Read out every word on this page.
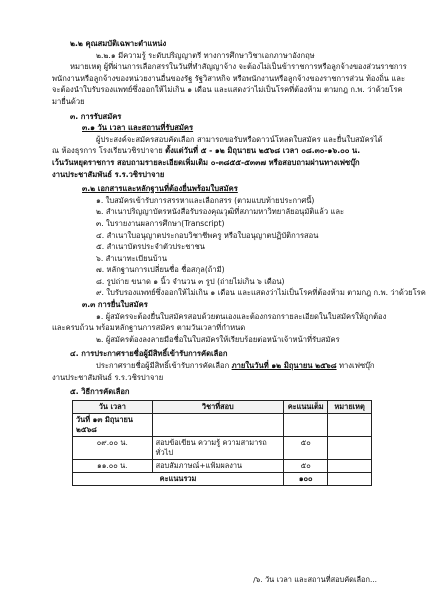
๒.๒ คุณสมบัติเฉพาะตำแหน่ง
๒.๒.๑ มีความรู้ ระดับปริญญาตรี ทางการศึกษาวิชาเอกภาษาอังกฤษ
หมายเหตุ ผู้ที่ผ่านการเลือกสรรในวันที่ทำสัญญาจ้าง จะต้องไม่เป็นข้าราชการหรือลูกจ้างของส่วนราชการ
พนักงานหรือลูกจ้างของหน่วยงานอื่นของรัฐ รัฐวิสาหกิจ หรือพนักงานหรือลูกจ้างของราชการส่วน ท้องถิ่น และ
จะต้องนำใบรับรองแพทย์ซึ่งออกให้ไม่เกิน ๑ เดือน และแสดงว่าไม่เป็นโรคที่ต้องห้าม ตามกฎ ก.พ. ว่าด้วยโรค
มายื่นด้วย
๓. การรับสมัคร
๓.๑ วัน เวลา และสถานที่รับสมัคร
ผู้ประสงค์จะสมัครสอบคัดเลือก สามารถขอรับหรือดาวน์โหลดใบสมัคร และยื่นใบสมัครได้
ณ ห้องธุรการ โรงเรียนวชิรปาจาย ตั้งแต่วันที่ ๕ - ๑๒ มิถุนายน ๒๕๖๘ เวลา ๐๘.๓๐-๑๖.๐๐ น.
เว้นวันหยุดราชการ สอบถามรายละเอียดเพิ่มเติม ๐-๓๘๕๕-๕๓๓๗ หรือสอบถามผ่านทางเฟซบุ๊ก
งานประชาสัมพันธ์ ร.ร.วชิรปาจาย
๓.๒ เอกสารและหลักฐานที่ต้องยื่นพร้อมใบสมัคร
๑. ใบสมัครเข้ารับการสรรหาและเลือกสรร (ตามแบบท้ายประกาศนี้)
๒. สำเนาปริญญาบัตรหนังสือรับรองคุณวุฒิที่สภามหาวิทยาลัยอนุมัติแล้ว และ
๓. ใบรายงานผลการศึกษา(Transcript)
๔. สำเนาใบอนุญาตประกอบวิชาชีพครู หรือใบอนุญาตปฏิบัติการสอน
๕. สำเนาบัตรประจำตัวประชาชน
๖. สำเนาทะเบียนบ้าน
๗. หลักฐานการเปลี่ยนชื่อ ชื่อสกุล(ถ้ามี)
๘. รูปถ่าย ขนาด ๑ นิ้ว จำนวน ๓ รูป (ถ่ายไม่เกิน ๖ เดือน)
๙. ใบรับรองแพทย์ซึ่งออกให้ไม่เกิน ๑ เดือน และแสดงว่าไม่เป็นโรคที่ต้องห้าม ตามกฎ ก.พ. ว่าด้วยโรค
๓.๓ การยื่นใบสมัคร
๑. ผู้สมัครจะต้องยื่นใบสมัครสอบด้วยตนเองและต้องกรอกรายละเอียดในใบสมัครให้ถูกต้อง
และครบถ้วน พร้อมหลักฐานการสมัคร ตามวันเวลาที่กำหนด
๒. ผู้สมัครต้องลงลายมือชื่อในใบสมัครให้เรียบร้อยต่อหน้าเจ้าหน้าที่รับสมัคร
๔. การประกาศรายชื่อผู้มีสิทธิ์เข้ารับการคัดเลือก
ประกาศรายชื่อผู้มีสิทธิ์เข้ารับการคัดเลือก ภายในวันที่ ๑๒ มิถุนายน ๒๕๖๘ ทางเฟซบุ๊ก
งานประชาสัมพันธ์ ร.ร.วชิรปาจาย
๕. วิธีการคัดเลือก
วัน เวลา	วิชาที่สอบ	คะแนนเต็ม	หมายเหตุ
วันที่ ๑๓ มิถุนายน ๒๕๖๘			
๐๙.๐๐ น.	สอบข้อเขียน ความรู้ ความสามารถทั่วไป	๕๐	
๑๑.๐๐ น.	สอบสัมภาษณ์+แฟ้มผลงาน	๕๐	
คะแนนรวม		๑๐๐	
/๖. วัน เวลา และสถานที่สอบคัดเลือก...
